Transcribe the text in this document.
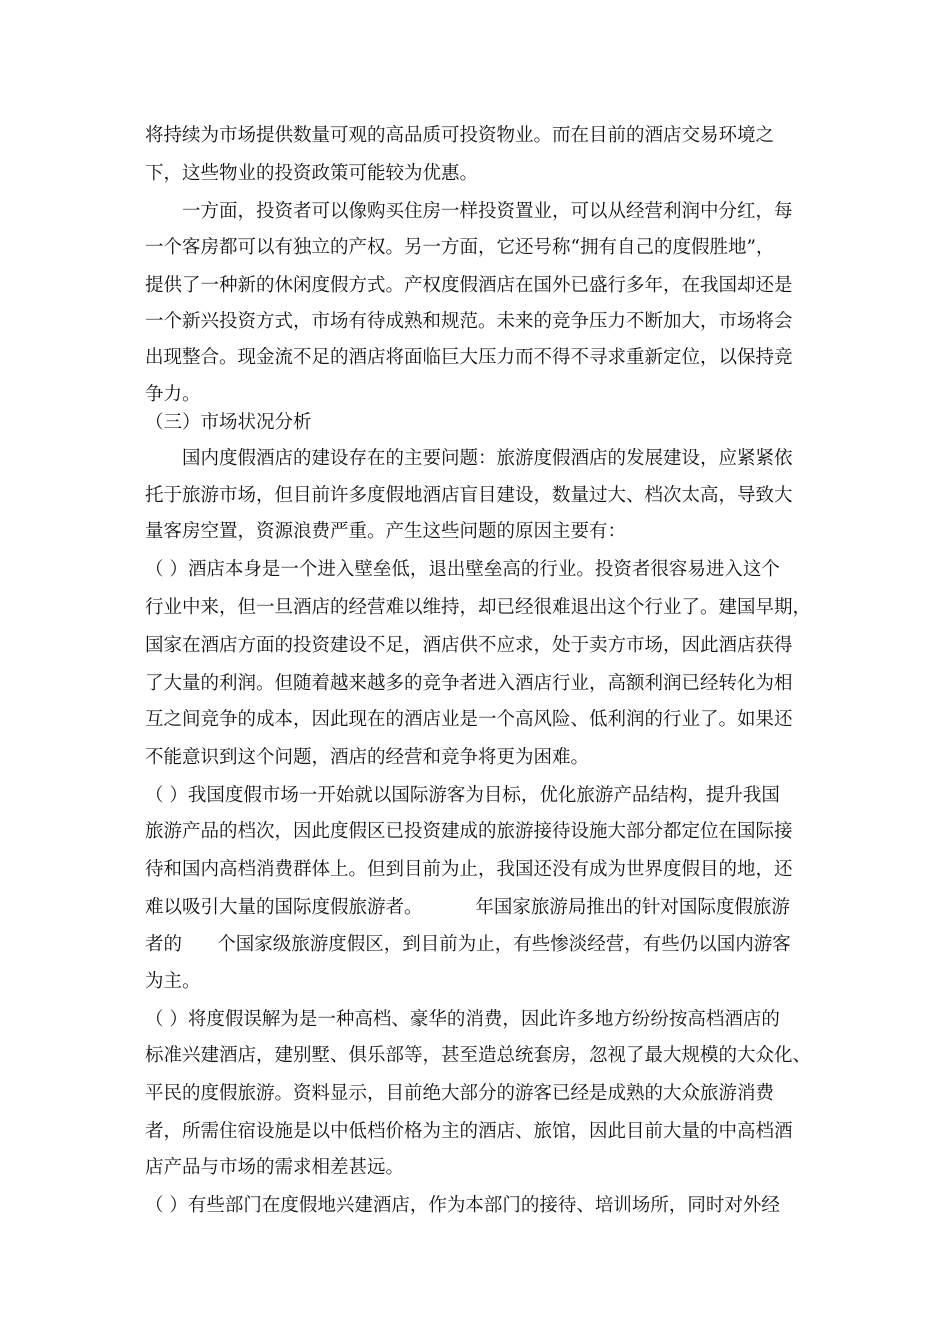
将持续为市场提供数量可观的高品质可投资物业。而在目前的酒店交易环境之
下，这些物业的投资政策可能较为优惠。
一方面，投资者可以像购买住房一样投资置业，可以从经营利润中分红，每
一个客房都可以有独立的产权。另一方面，它还号称“拥有自己的度假胜地”，
提供了一种新的休闲度假方式。产权度假酒店在国外已盛行多年，在我国却还是
一个新兴投资方式，市场有待成熟和规范。未来的竞争压力不断加大，市场将会
出现整合。现金流不足的酒店将面临巨大压力而不得不寻求重新定位，以保持竞
争力。
（三）市场状况分析
国内度假酒店的建设存在的主要问题：旅游度假酒店的发展建设，应紧紧依
托于旅游市场，但目前许多度假地酒店盲目建设，数量过大、档次太高，导致大
量客房空置，资源浪费严重。产生这些问题的原因主要有：
（ ）酒店本身是一个进入壁垒低，退出壁垒高的行业。投资者很容易进入这个
行业中来，但一旦酒店的经营难以维持，却已经很难退出这个行业了。建国早期，
国家在酒店方面的投资建设不足，酒店供不应求，处于卖方市场，因此酒店获得
了大量的利润。但随着越来越多的竞争者进入酒店行业，高额利润已经转化为相
互之间竞争的成本，因此现在的酒店业是一个高风险、低利润的行业了。如果还
不能意识到这个问题，酒店的经营和竞争将更为困难。
（ ）我国度假市场一开始就以国际游客为目标，优化旅游产品结构，提升我国
旅游产品的档次，因此度假区已投资建成的旅游接待设施大部分都定位在国际接
待和国内高档消费群体上。但到目前为止，我国还没有成为世界度假目的地，还
难以吸引大量的国际度假旅游者。         年国家旅游局推出的针对国际度假旅游
者的      个国家级旅游度假区，到目前为止，有些惨淡经营，有些仍以国内游客
为主。
（ ）将度假误解为是一种高档、豪华的消费，因此许多地方纷纷按高档酒店的
标准兴建酒店，建别墅、俱乐部等，甚至造总统套房，忽视了最大规模的大众化、
平民的度假旅游。资料显示，目前绝大部分的游客已经是成熟的大众旅游消费
者，所需住宿设施是以中低档价格为主的酒店、旅馆，因此目前大量的中高档酒
店产品与市场的需求相差甚远。
（ ）有些部门在度假地兴建酒店，作为本部门的接待、培训场所，同时对外经
